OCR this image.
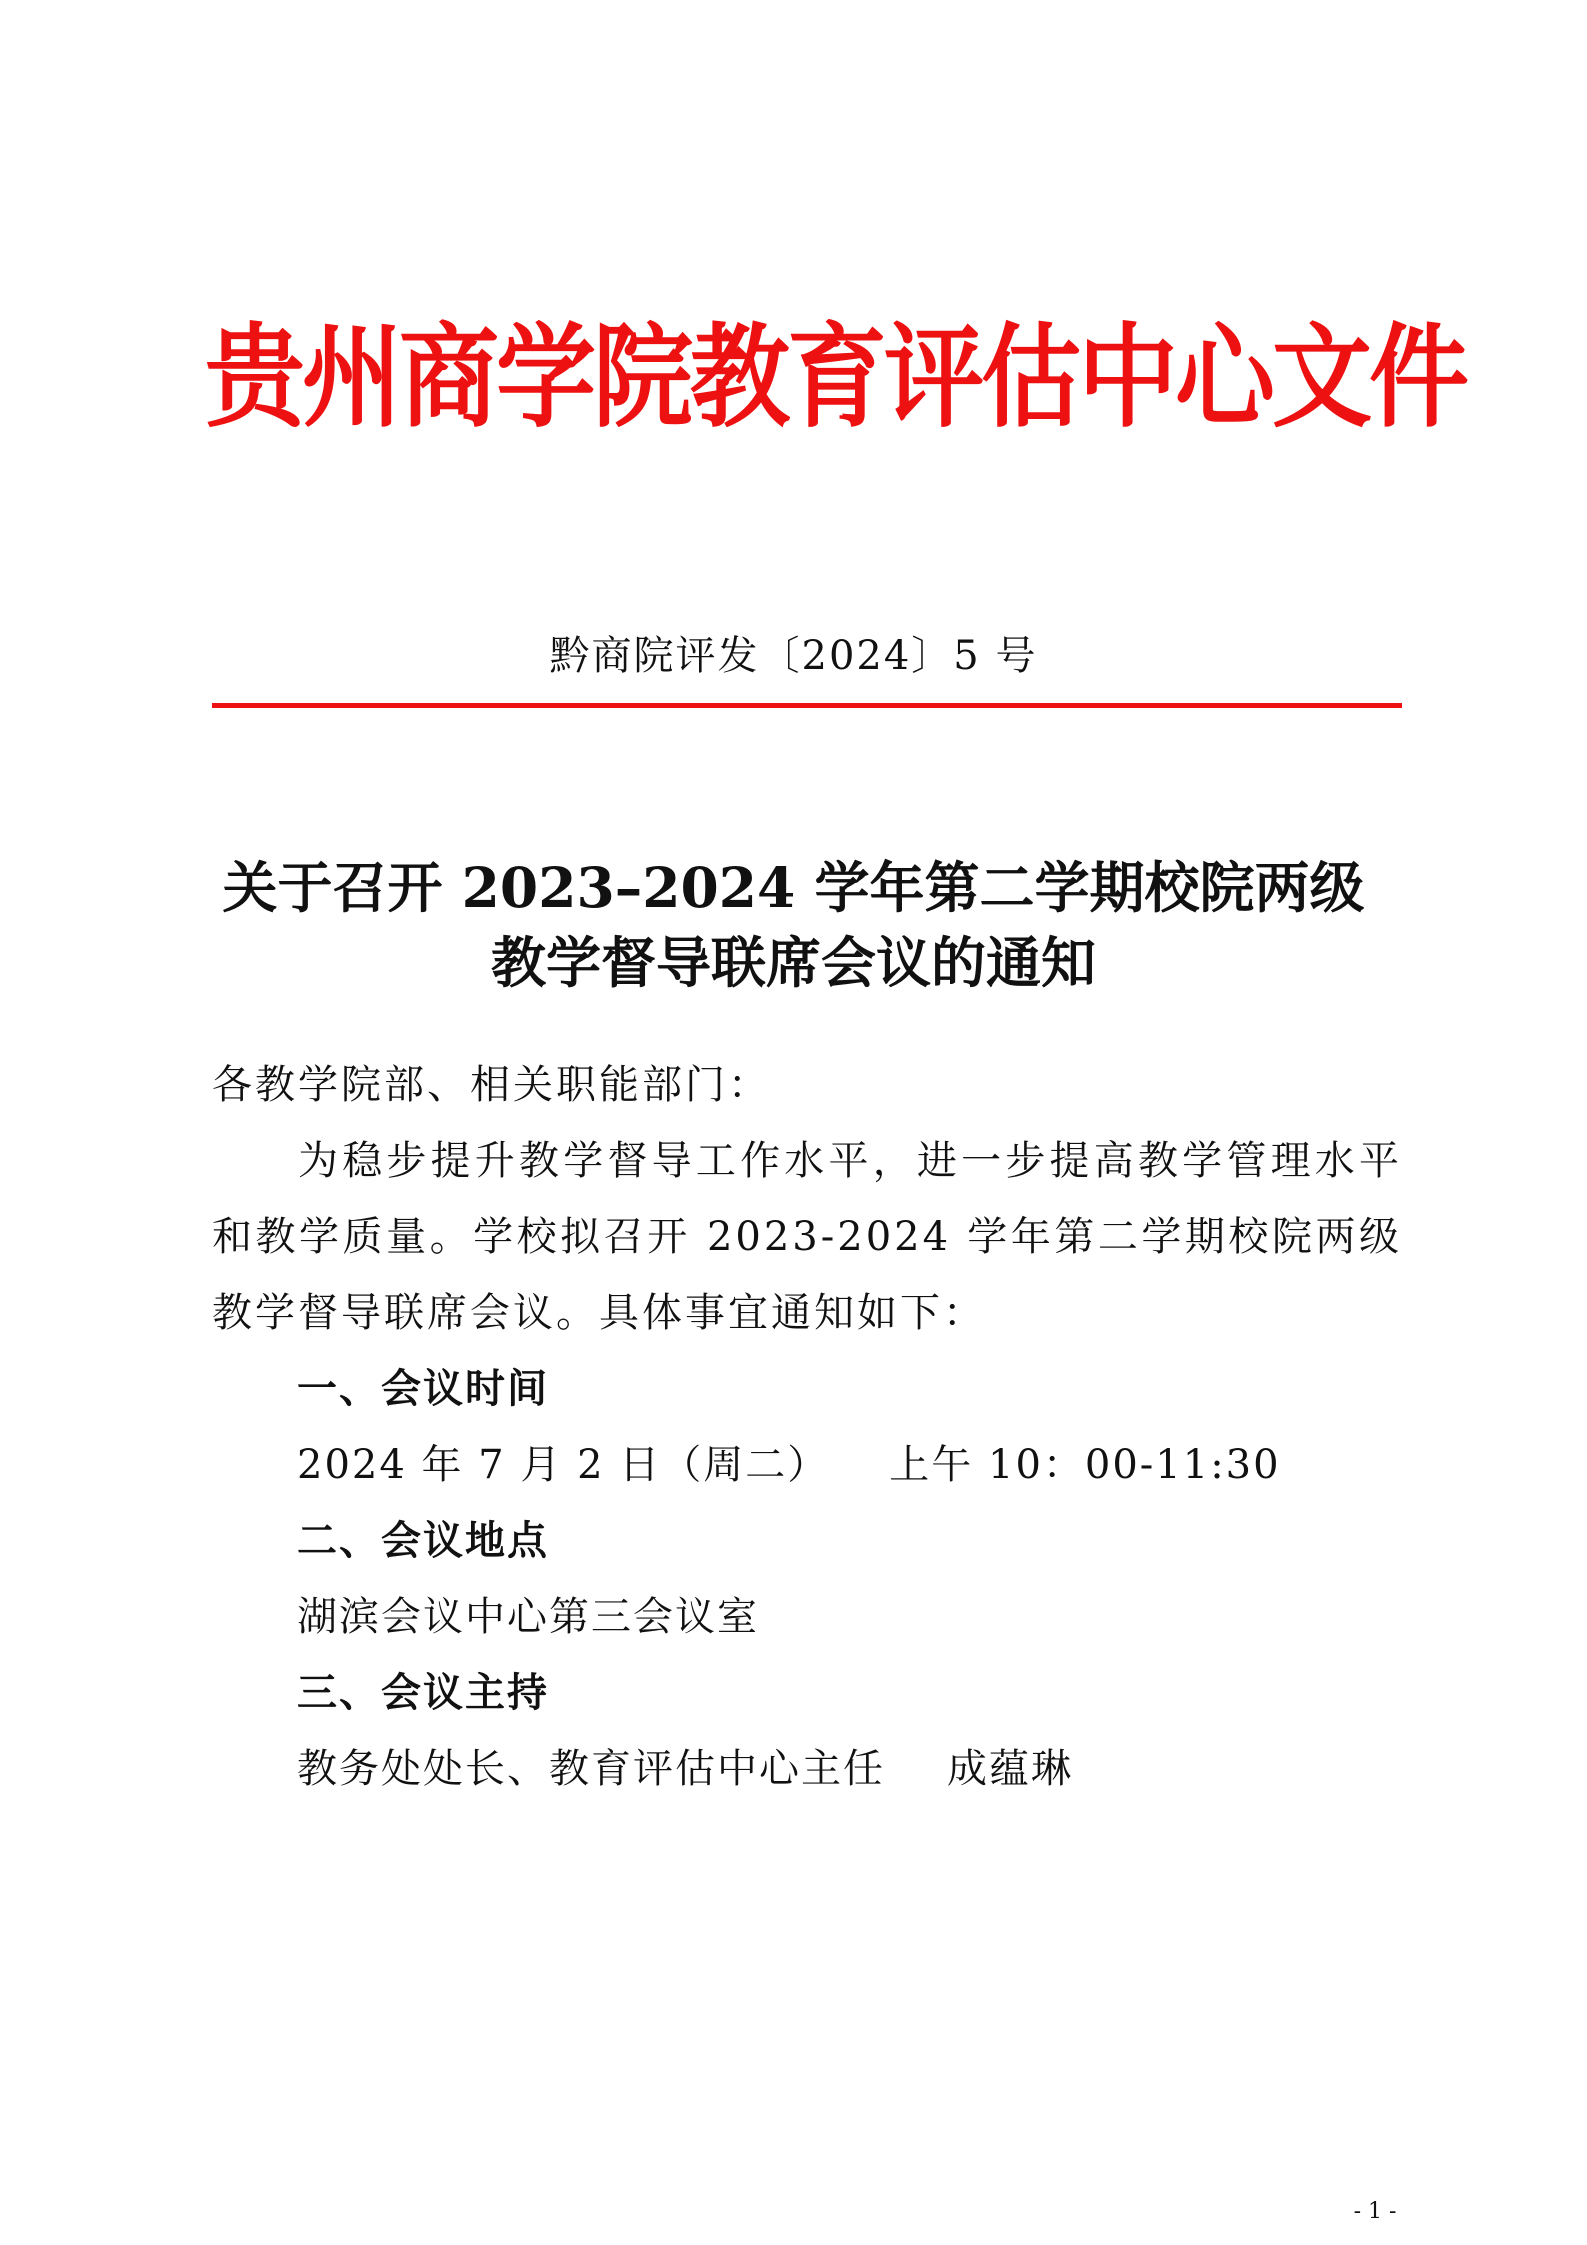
贵州商学院教育评估中心文件
黔商院评发〔2024〕5 号
关于召开 2023–2024 学年第二学期校院两级
教学督导联席会议的通知
各教学院部、相关职能部门：
为稳步提升教学督导工作水平，进一步提高教学管理水平和教学质量。学校拟召开 2023-2024 学年第二学期校院两级教学督导联席会议。具体事宜通知如下：
一、会议时间
2024 年 7 月 2 日（周二） 上午 10：00-11:30
二、会议地点
湖滨会议中心第三会议室
三、会议主持
教务处处长、教育评估中心主任 成蕴琳
- 1 -
